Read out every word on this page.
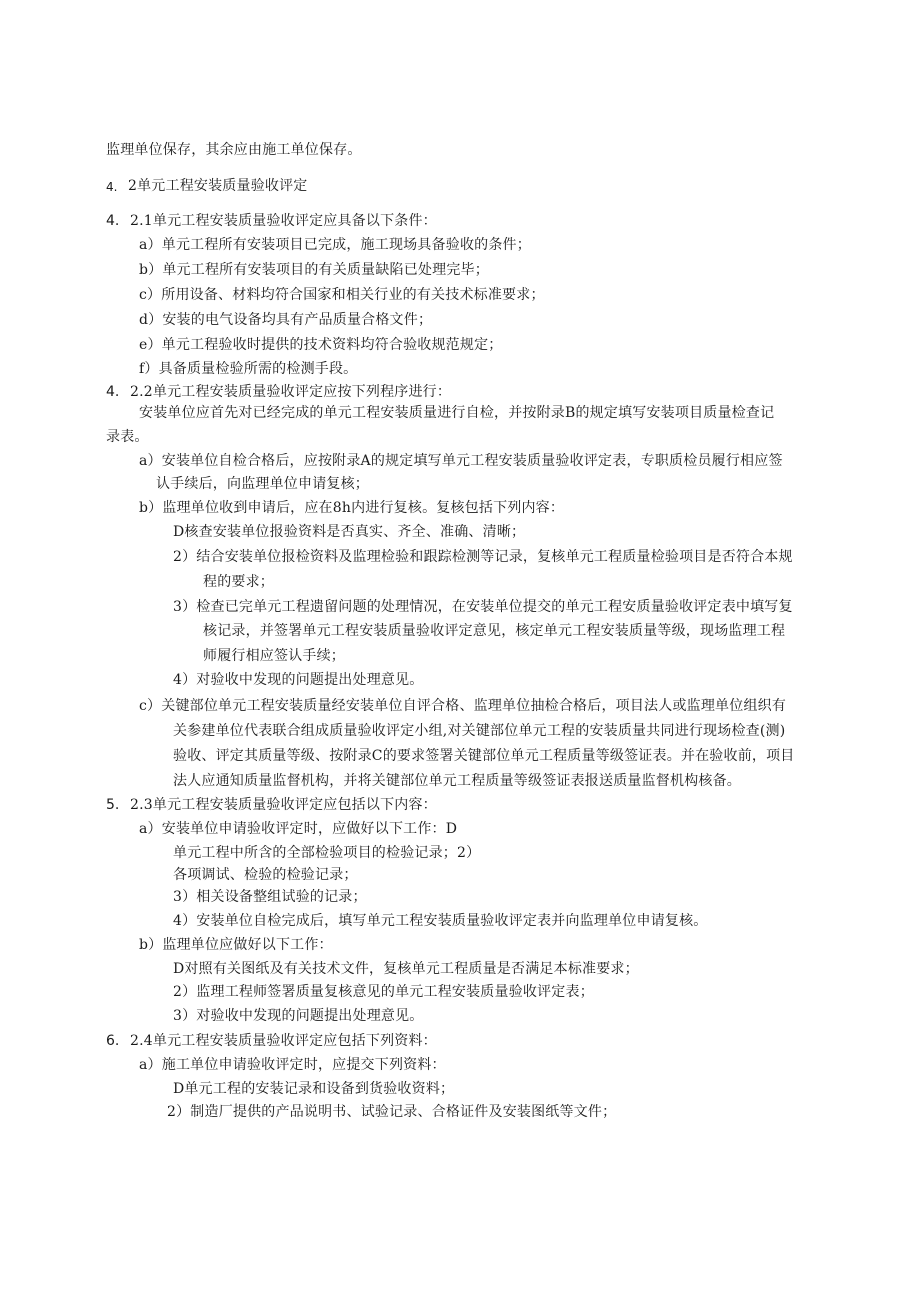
监理单位保存，其余应由施工单位保存。
4. 2单元工程安装质量验收评定
4. 2.1单元工程安装质量验收评定应具备以下条件：
a）单元工程所有安装项目已完成，施工现场具备验收的条件；
b）单元工程所有安装项目的有关质量缺陷已处理完毕；
c）所用设备、材料均符合国家和相关行业的有关技术标准要求；
d）安装的电气设备均具有产品质量合格文件；
e）单元工程验收时提供的技术资料均符合验收规范规定；
f）具备质量检验所需的检测手段。
4. 2.2单元工程安装质量验收评定应按下列程序进行：
安装单位应首先对已经完成的单元工程安装质量进行自检，并按附录B的规定填写安装项目质量检查记
录表。
a）安装单位自检合格后，应按附录A的规定填写单元工程安装质量验收评定表，专职质检员履行相应签
认手续后，向监理单位申请复核；
b）监理单位收到申请后，应在8h内进行复核。复核包括下列内容：
D核查安装单位报验资料是否真实、齐全、准确、清晰；
2）结合安装单位报检资料及监理检验和跟踪检测等记录，复核单元工程质量检验项目是否符合本规
程的要求；
3）检查已完单元工程遗留问题的处理情况，在安装单位提交的单元工程安质量验收评定表中填写复
核记录，并签署单元工程安装质量验收评定意见，核定单元工程安装质量等级，现场监理工程
师履行相应签认手续；
4）对验收中发现的问题提出处理意见。
c）关键部位单元工程安装质量经安装单位自评合格、监理单位抽检合格后，项目法人或监理单位组织有
关参建单位代表联合组成质量验收评定小组,对关键部位单元工程的安装质量共同进行现场检查(测)
验收、评定其质量等级、按附录C的要求签署关键部位单元工程质量等级签证表。并在验收前，项目
法人应通知质量监督机构，并将关键部位单元工程质量等级签证表报送质量监督机构核备。
5. 2.3单元工程安装质量验收评定应包括以下内容：
a）安装单位申请验收评定时，应做好以下工作：D
单元工程中所含的全部检验项目的检验记录；2）
各项调试、检验的检验记录；
3）相关设备整组试验的记录；
4）安装单位自检完成后，填写单元工程安装质量验收评定表并向监理单位申请复核。
b）监理单位应做好以下工作：
D对照有关图纸及有关技术文件，复核单元工程质量是否满足本标准要求；
2）监理工程师签署质量复核意见的单元工程安装质量验收评定表；
3）对验收中发现的问题提出处理意见。
6. 2.4单元工程安装质量验收评定应包括下列资料：
a）施工单位申请验收评定时，应提交下列资料：
D单元工程的安装记录和设备到货验收资料；
2）制造厂提供的产品说明书、试验记录、合格证件及安装图纸等文件；
